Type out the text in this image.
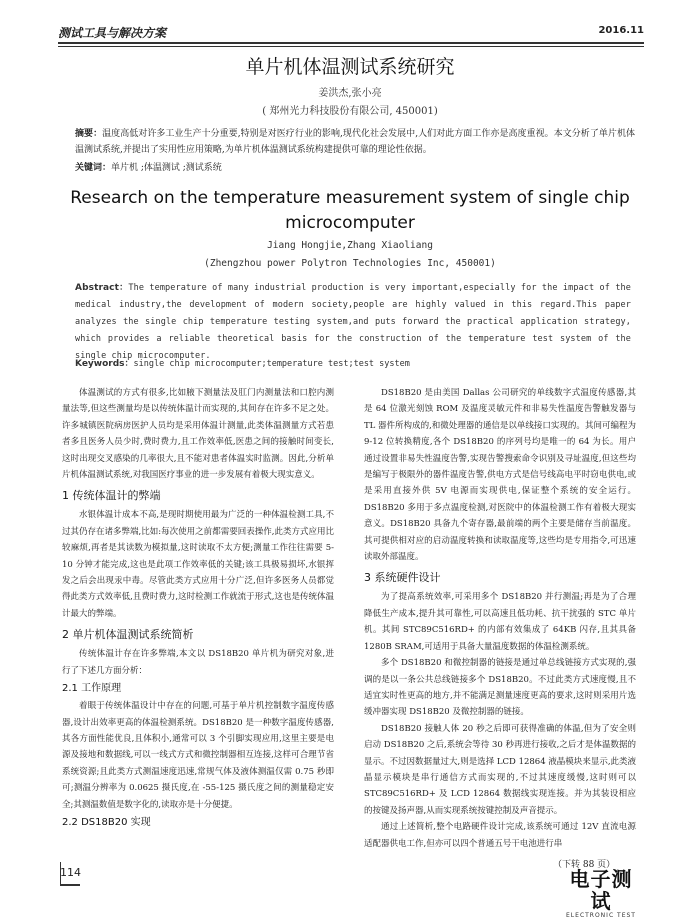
测试工具与解决方案	2016.11
单片机体温测试系统研究
姜洪杰,张小亮
( 郑州光力科技股份有限公司, 450001)
摘要：温度高低对许多工业生产十分重要,特别是对医疗行业的影响,现代化社会发展中,人们对此方面工作亦是高度重视。本文分析了单片机体温测试系统,并提出了实用性应用策略,为单片机体温测试系统构建提供可靠的理论性依据。
关键词：单片机 ;体温测试 ;测试系统
Research on the temperature measurement system of single chip microcomputer
Jiang Hongjie,Zhang Xiaoliang
(Zhengzhou power Polytron Technologies Inc, 450001)
Abstract：The temperature of many industrial production is very important,especially for the impact of the medical industry,the development of modern society,people are highly valued in this regard.This paper analyzes the single chip temperature testing system,and puts forward the practical application strategy, which provides a reliable theoretical basis for the construction of the temperature test system of the single chip microcomputer.
Keywords：single chip microcomputer;temperature test;test system

体温测试的方式有很多,比如腋下测量法及肛门内测量法和口腔内测量法等,但这些测量均是以传统体温计而实现的,其间存在许多不足之处。许多城镇医院病房医护人员均是采用体温计测量,此类体温测量方式若患者多且医务人员少时,费时费力,且工作效率低,医患之间的接触时间变长,这时出现交叉感染的几率很大,且不能对患者体温实时监测。因此,分析单片机体温测试系统,对我国医疗事业的进一步发展有着极大现实意义。

1 传统体温计的弊端

水银体温计成本不高,是现时期使用最为广泛的一种体温检测工具,不过其仍存在诸多弊端,比如:每次使用之前都需要回表操作,此类方式应用比较麻烦,再者是其读数为模拟量,这时读取不太方便;测量工作往往需要 5-10 分钟才能完成,这也是此项工作效率低的关键;该工具极易损坏,水银挥发之后会出现汞中毒。尽管此类方式应用十分广泛,但许多医务人员都觉得此类方式效率低,且费时费力,这时检测工作就流于形式,这也是传统体温计最大的弊端。

2 单片机体温测试系统简析

传统体温计存在许多弊端,本文以 DS18B20 单片机为研究对象,进行了下述几方面分析：

2.1 工作原理

着眼于传统体温设计中存在的问题,可基于单片机控制数字温度传感器,设计出效率更高的体温检测系统。DS18B20 是一种数字温度传感器,其各方面性能优良,且体积小,通常可以 3 个引脚实现应用,这里主要是电源及接地和数据线,可以一线式方式和微控制器相互连接,这样可合理节省系统资源;且此类方式测温速度迅速,常规气体及液体测温仅需 0.75 秒即可;测温分辨率为 0.0625 摄氏度,在 -55-125 摄氏度之间的测量稳定安全;其测温数值是数字化的,读取亦是十分便捷。

2.2 DS18B20 实现

DS18B20 是由美国 Dallas 公司研究的单线数字式温度传感器,其是 64 位激光刻蚀 ROM 及温度灵敏元件和非易失性温度告警触发器与 TL 器件所构成的,和微处理器的通信是以单线接口实现的。其间可编程为 9-12 位转换精度,各个 DS18B20 的序列号均是唯一的 64 为长。用户通过设置非易失性温度告警,实现告警搜索命令识别及寻址温度,但这些均是编写于极限外的器件温度告警,供电方式是信号线高电平时窃电供电,或是采用直接外供 5V 电源而实现供电,保证整个系统的安全运行。DS18B20 多用于多点温度检测,对医院中的体温检测工作有着极大现实意义。DS18B20 具备九个寄存器,最前端的两个主要是储存当前温度。其可提供相对应的启动温度转换和读取温度等,这些均是专用指令,可迅速读取外部温度。

3 系统硬件设计

为了提高系统效率,可采用多个 DS18B20 并行测温;再是为了合理降低生产成本,提升其可靠性,可以高速且低功耗、抗干扰强的 STC 单片机。其间 STC89C516RD+ 的内部有效集成了 64KB 闪存,且其具备 1280B SRAM,可适用于具备大量温度数据的体温检测系统。

多个 DS18B20 和微控制器的链接是通过单总线链接方式实现的,强调的是以一条公共总线链接多个 DS18B20。不过此类方式速度慢,且不适宜实时性更高的地方,并不能满足测量速度更高的要求,这时则采用片选缓冲器实现 DS18B20 及微控制器的链接。

DS18B20 接触人体 20 秒之后即可获得准确的体温,但为了安全则启动 DS18B20 之后,系统会等待 30 秒再进行接收,之后才是体温数据的显示。不过因数据量过大,则是选择 LCD 12864 液晶模块来显示,此类液晶显示模块是串行通信方式而实现的,不过其速度缓慢,这时则可以 STC89C516RD+ 及 LCD 12864 数据线实现连接。并为其装设相应的按键及扬声器,从而实现系统按键控制及声音提示。

通过上述简析,整个电路硬件设计完成,该系统可通过 12V 直流电源适配器供电工作,但亦可以四个普通五号干电池进行串

（下转 88 页）
114	电子测试
ELECTRONIC TEST
